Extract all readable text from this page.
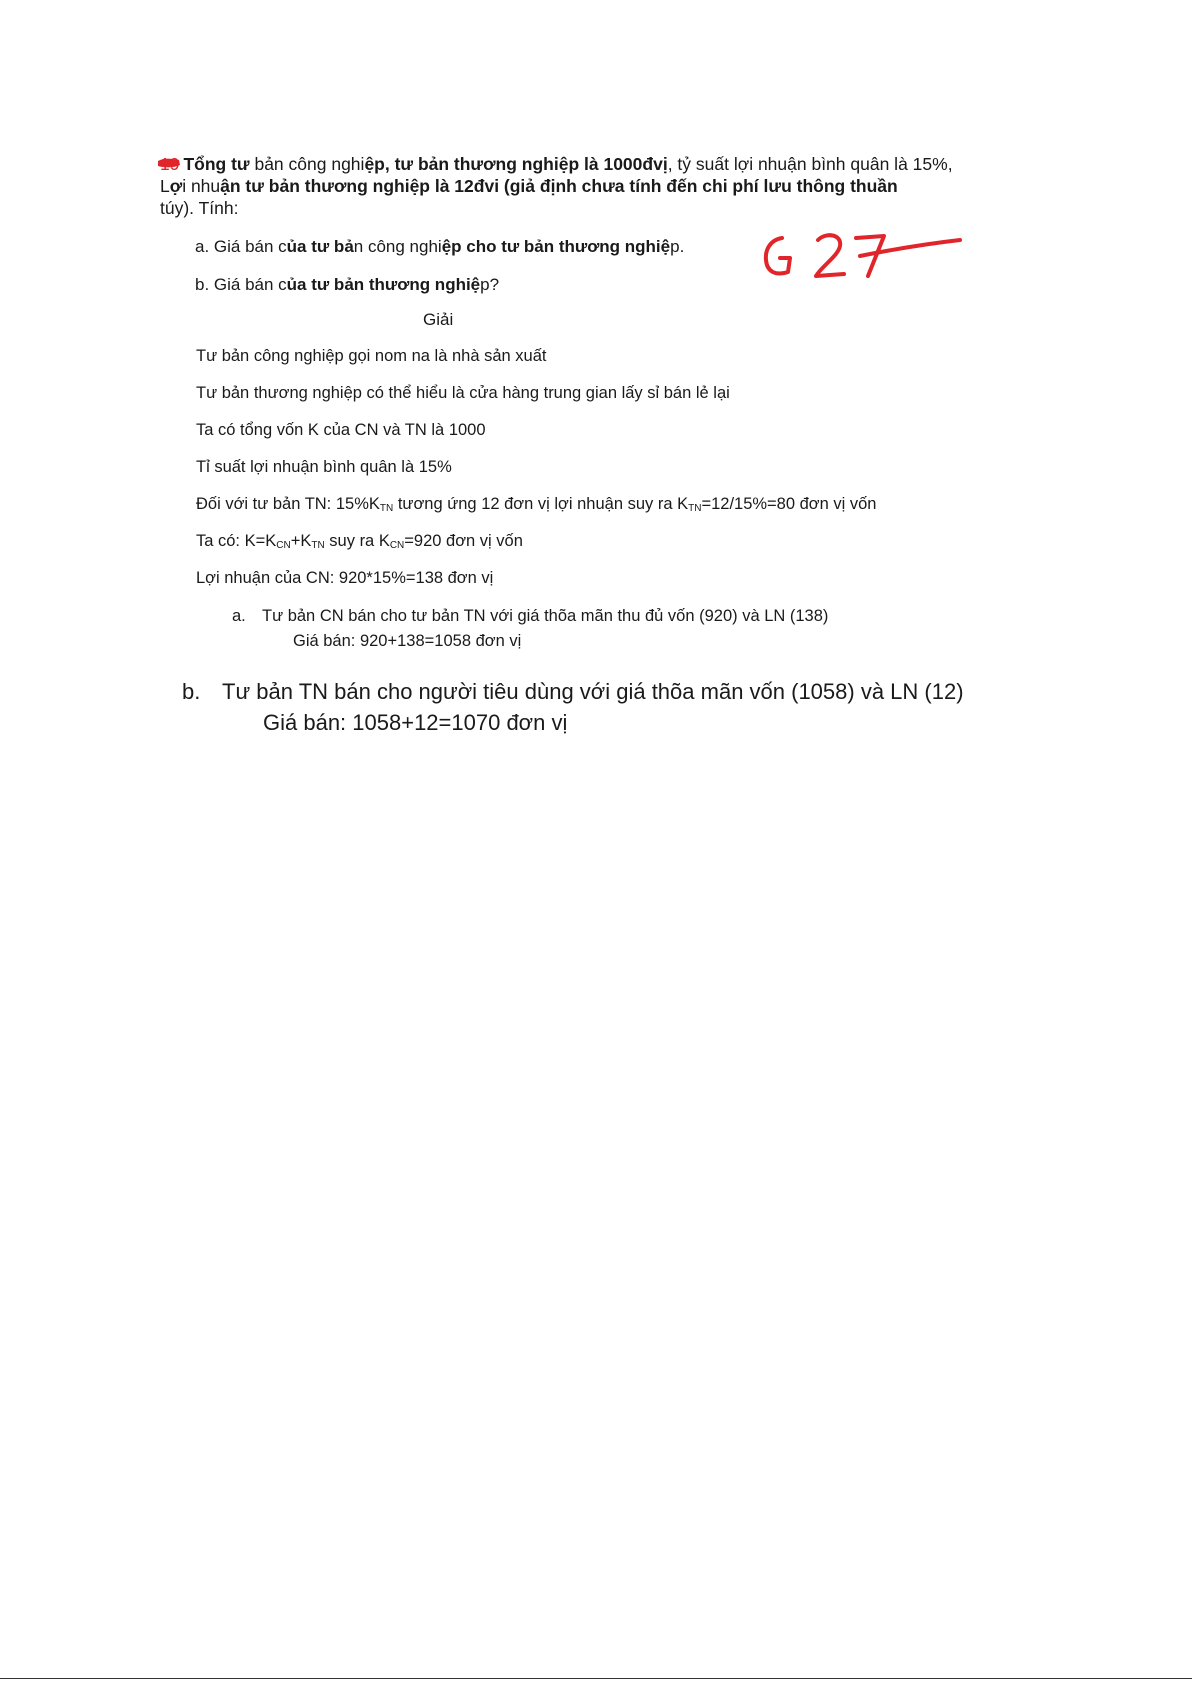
19 Tổng tư bản công nghiệp, tư bản thương nghiệp là 1000đvị, tỷ suất lợi nhuận bình quân là 15%, Lợi nhuận tư bản thương nghiệp là 12đvi (giả định chưa tính đến chi phí lưu thông thuần
túy). Tính:
a. Giá bán của tư bản công nghiệp cho tư bản thương nghiệp.
b. Giá bán của tư bản thương nghiệp?
G 27
Giải
Tư bản công nghiệp gọi nom na là nhà sản xuất
Tư bản thương nghiệp có thể hiểu là cửa hàng trung gian lấy sỉ bán lẻ lại
Ta có tổng vốn K của CN và TN là 1000
Tỉ suất lợi nhuận bình quân là 15%
Đối với tư bản TN: $15\%K_{TN}$ tương ứng 12 đơn vị lợi nhuận suy ra $K_{TN}=12/15\%=80$ đơn vị vốn
Ta có: $K=K_{CN}+K_{TN}$ suy ra $K_{CN}=920$ đơn vị vốn
Lợi nhuận của CN: 920*15%=138 đơn vị
a. Tư bản CN bán cho tư bản TN với giá thõa mãn thu đủ vốn (920) và LN (138)
Giá bán: 920+138=1058 đơn vị
b. Tư bản TN bán cho người tiêu dùng với giá thõa mãn vốn (1058) và LN (12)
Giá bán: 1058+12=1070 đơn vị
